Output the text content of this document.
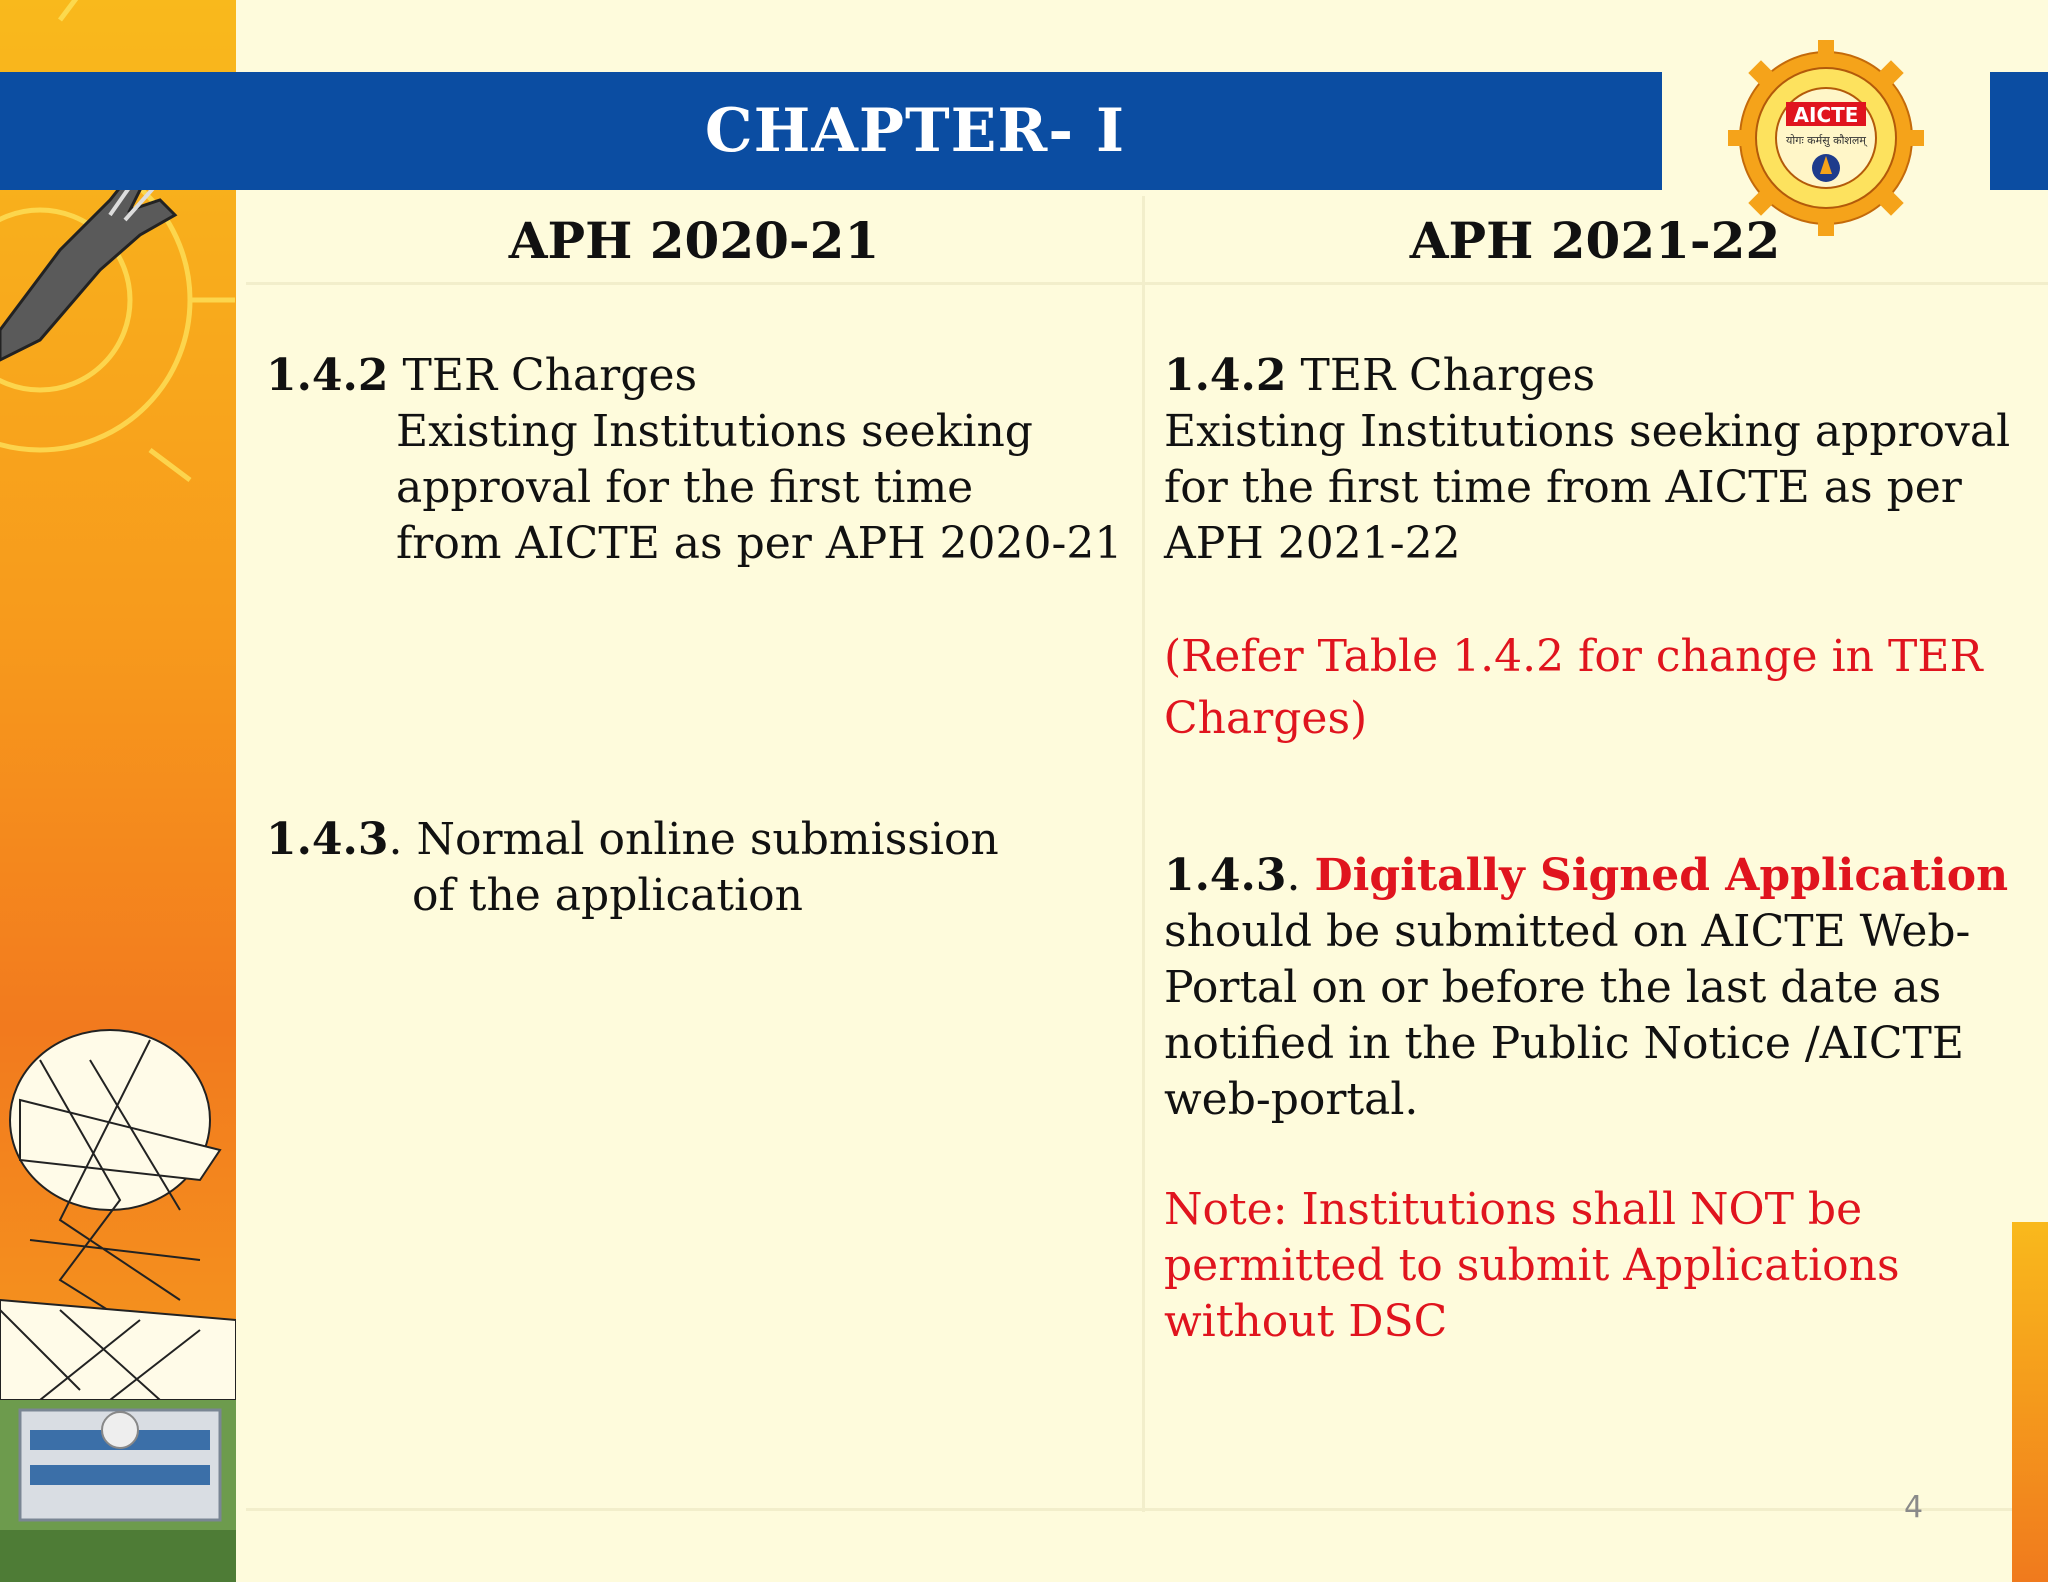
CHAPTER- I	AICTE
योगः कर्मसु कौशलम्
APH 2020-21	APH 2021-22
1.4.2 TER Charges
Existing Institutions seeking
approval for the first time
from AICTE as per APH 2020-21
1.4.3. Normal online submission
of the application
1.4.2 TER Charges
Existing Institutions seeking approval
for the first time from AICTE as per
APH 2021-22
(Refer Table 1.4.2 for change in TER
Charges)
1.4.3. Digitally Signed Application
should be submitted on AICTE Web-
Portal on or before the last date as
notified in the Public Notice /AICTE
web-portal.
Note: Institutions shall NOT be
permitted to submit Applications
without DSC
4
